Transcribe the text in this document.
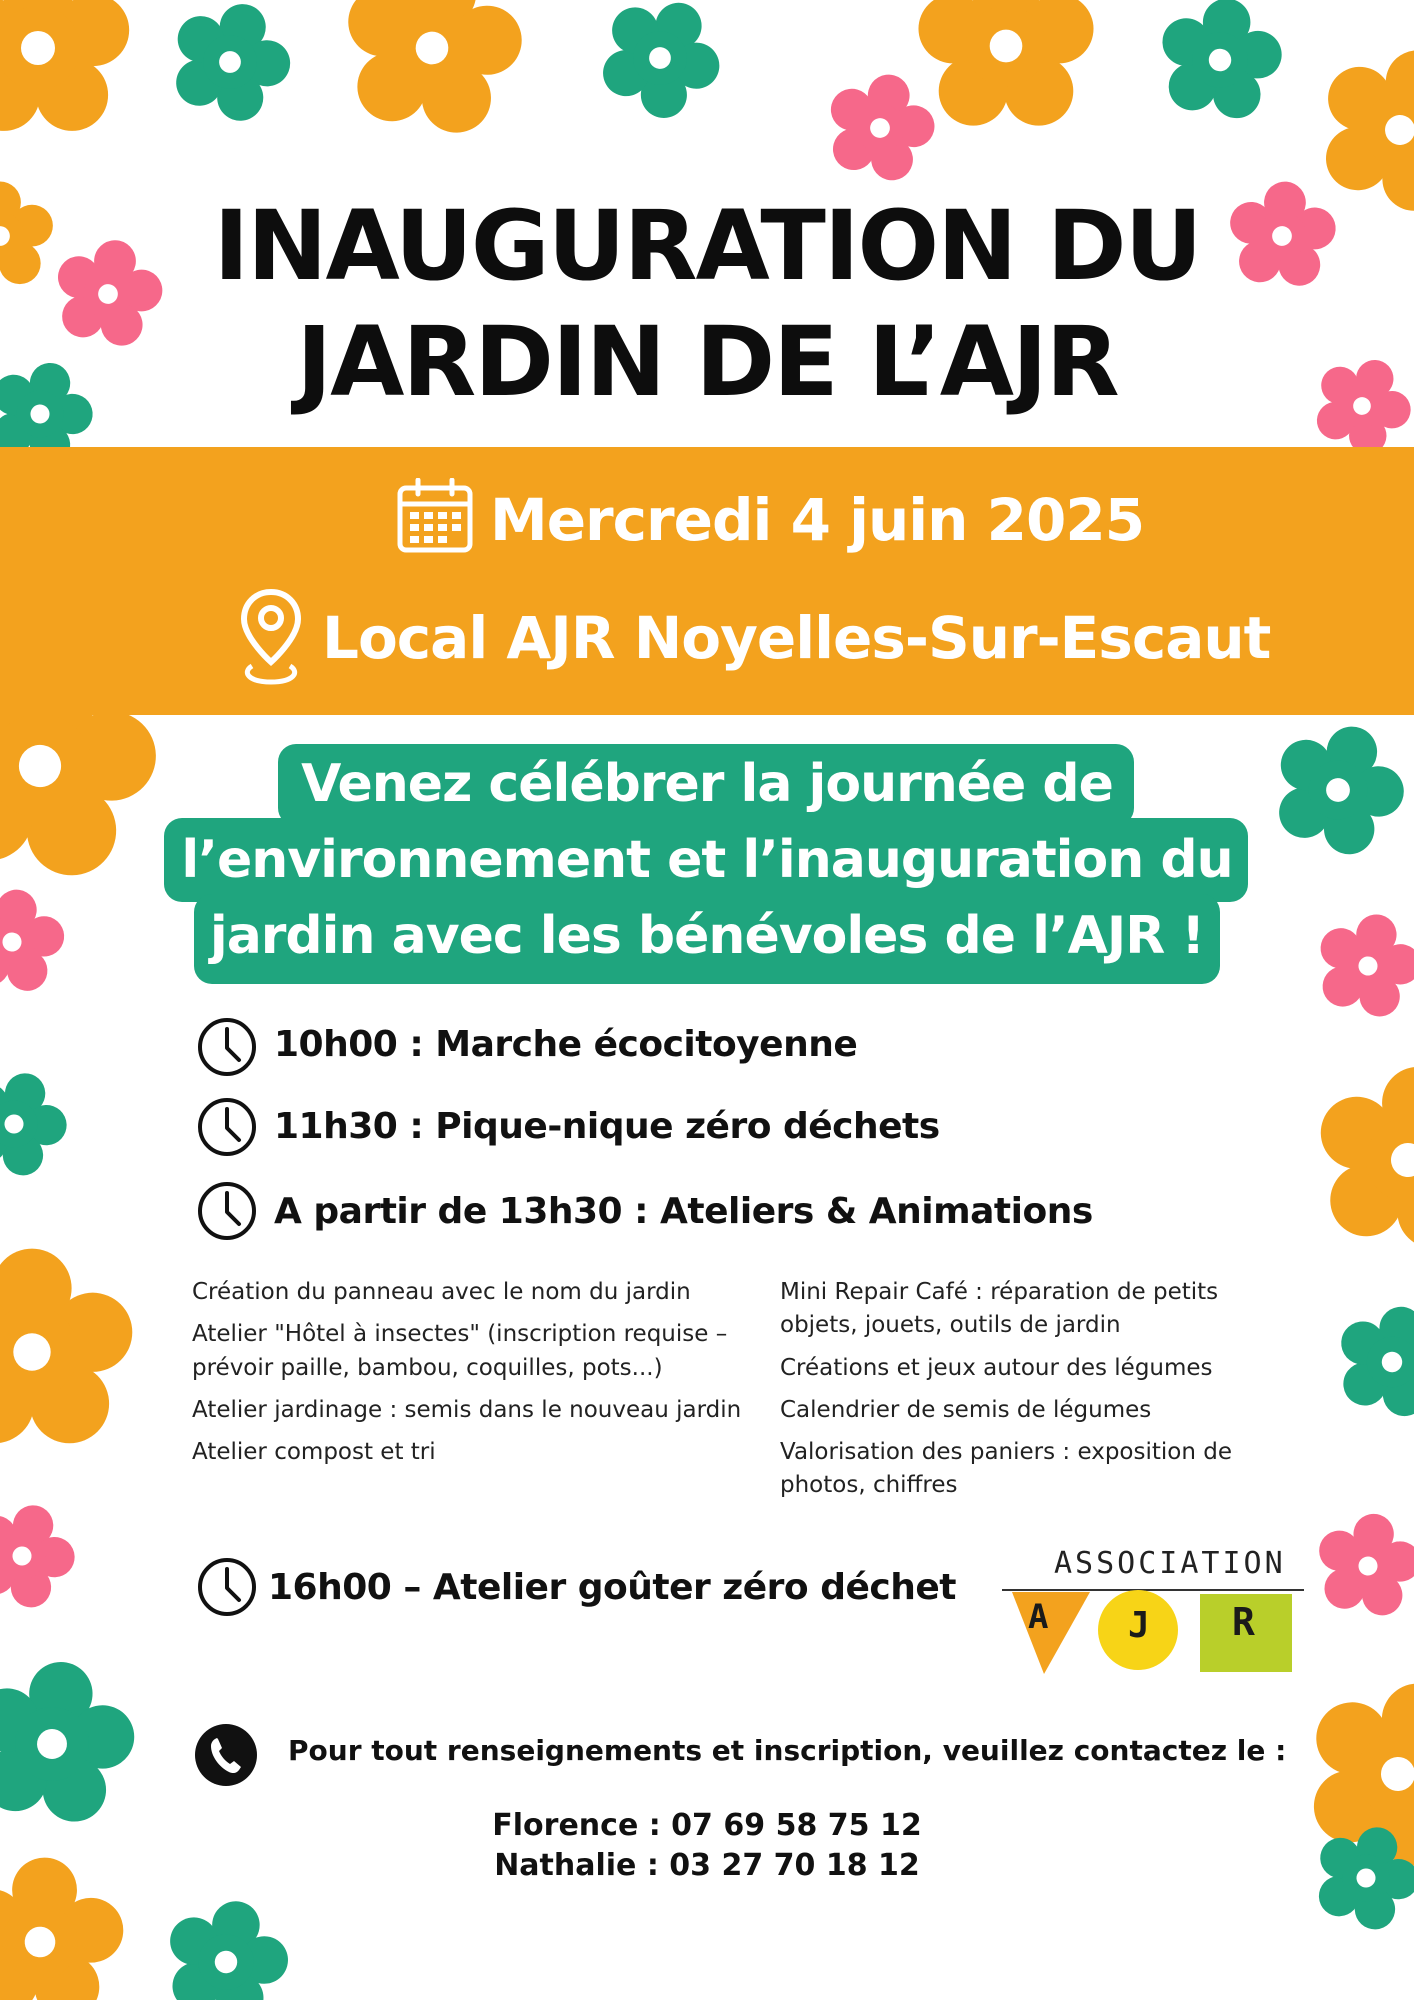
INAUGURATION DU
JARDIN DE L’AJR
Mercredi 4 juin 2025
Local AJR Noyelles-Sur-Escaut
Venez célébrer la journée de
l’environnement et l’inauguration du
jardin avec les bénévoles de l’AJR !
10h00 : Marche écocitoyenne
11h30 : Pique-nique zéro déchets
A partir de 13h30 : Ateliers & Animations
16h00 – Atelier goûter zéro déchet
Création du panneau avec le nom du jardin
Atelier "Hôtel à insectes" (inscription requise –
prévoir paille, bambou, coquilles, pots...)
Atelier jardinage : semis dans le nouveau jardin
Atelier compost et tri
Mini Repair Café : réparation de petits
objets, jouets, outils de jardin
Créations et jeux autour des légumes
Calendrier de semis de légumes
Valorisation des paniers : exposition de
photos, chiffres
ASSOCIATION
A J R
Pour tout renseignements et inscription, veuillez contactez le :
Florence : 07 69 58 75 12
Nathalie : 03 27 70 18 12
